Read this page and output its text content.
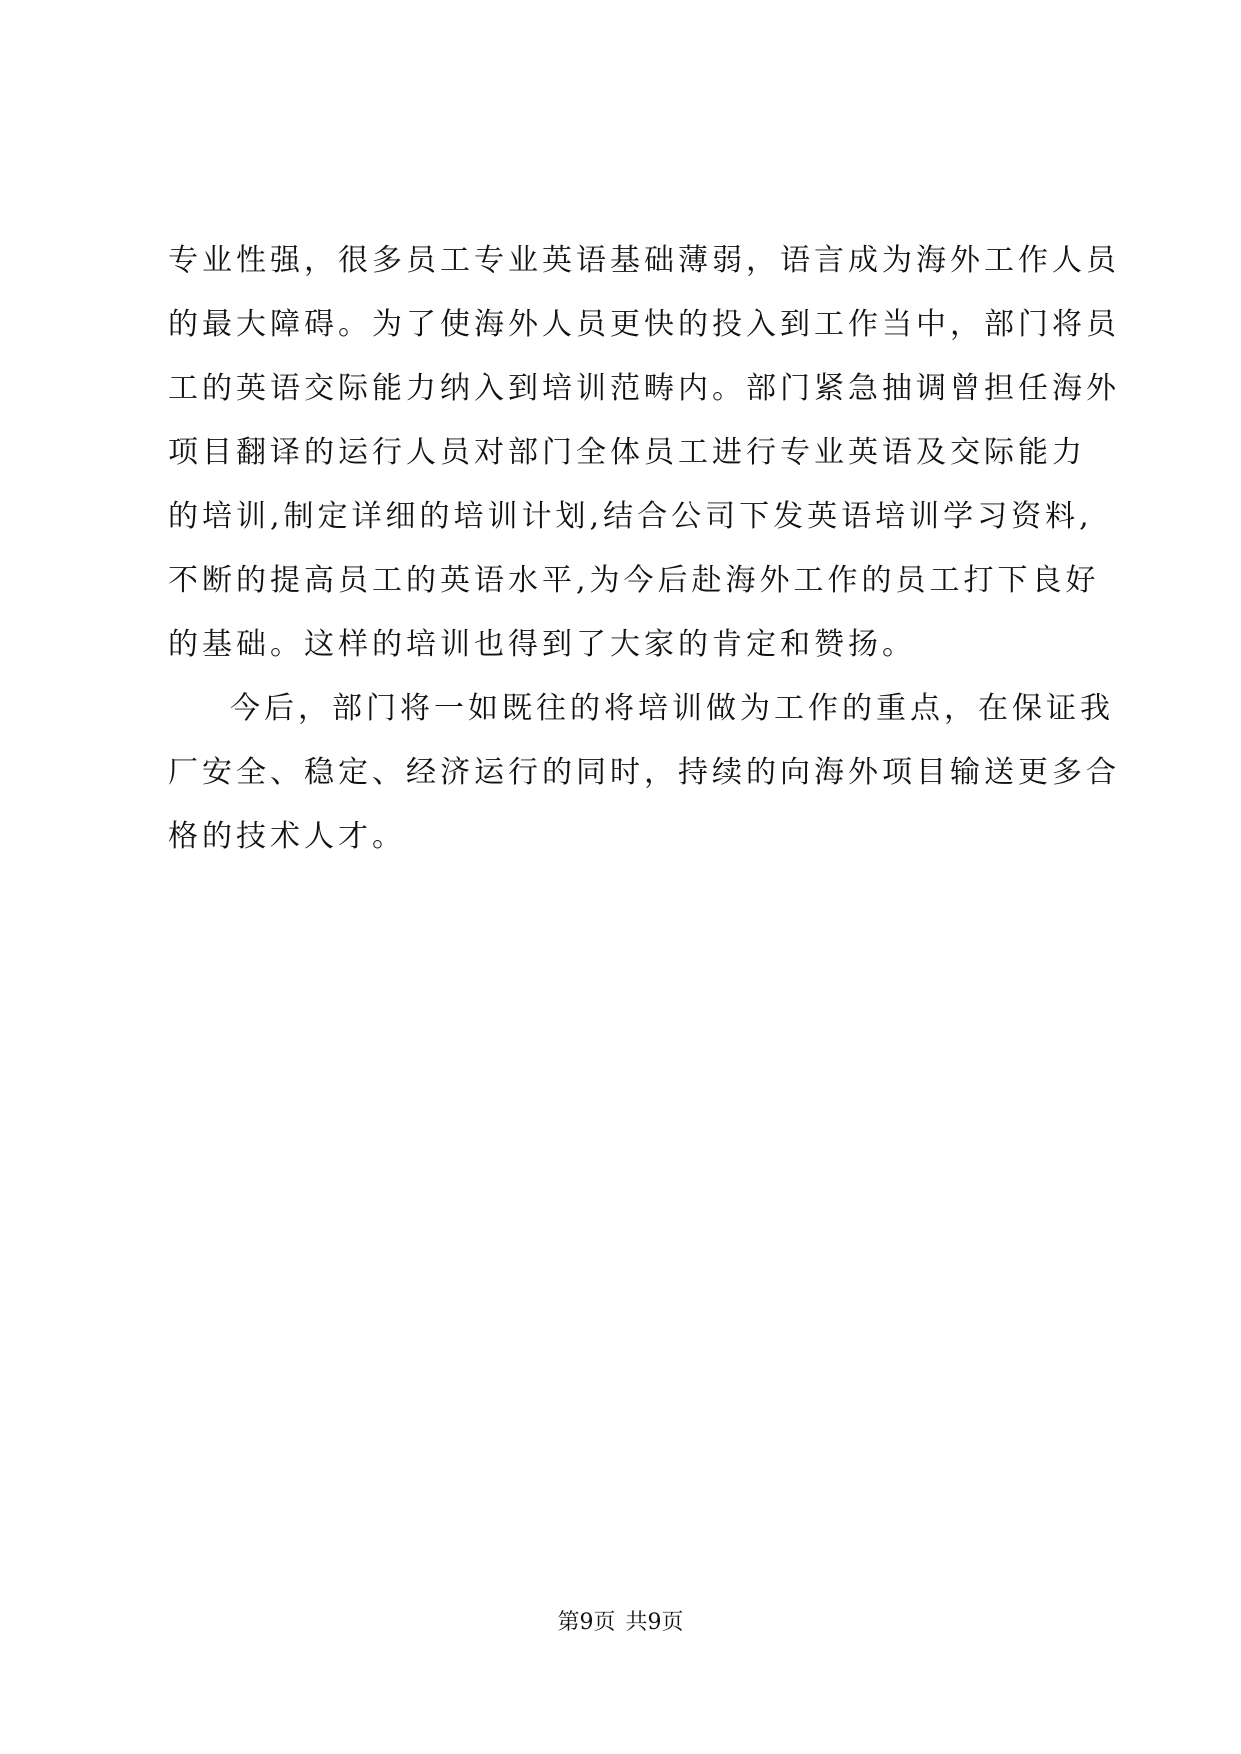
专业性强，很多员工专业英语基础薄弱，语言成为海外工作人员
的最大障碍。为了使海外人员更快的投入到工作当中，部门将员
工的英语交际能力纳入到培训范畴内。部门紧急抽调曾担任海外
项目翻译的运行人员对部门全体员工进行专业英语及交际能力
的培训,制定详细的培训计划,结合公司下发英语培训学习资料,
不断的提高员工的英语水平,为今后赴海外工作的员工打下良好
的基础。这样的培训也得到了大家的肯定和赞扬。
今后，部门将一如既往的将培训做为工作的重点，在保证我
厂安全、稳定、经济运行的同时，持续的向海外项目输送更多合
格的技术人才。
第9页 共9页
